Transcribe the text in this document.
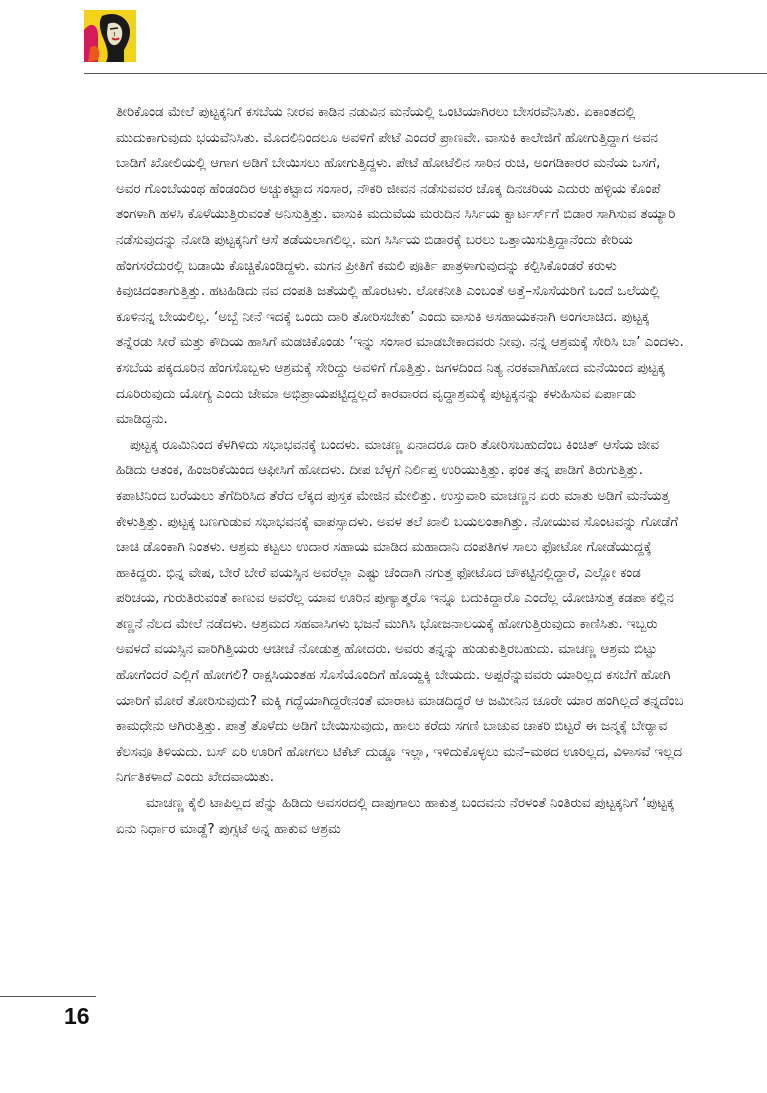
ತೀರಿಕೊಂಡ ಮೇಲೆ ಪುಟ್ಟಕ್ಕನಿಗೆ ಕಸಬೆಯ ನೀರವ ಕಾಡಿನ ನಡುವಿನ ಮನೆಯಲ್ಲಿ ಒಂಟಿಯಾಗಿರಲು ಬೇಸರವೆನಿಸಿತು. ಏಕಾಂತದಲ್ಲಿ ಮುದುಕಾಗುವುದು ಭಯವೆನಿಸಿತು. ಮೊದಲಿನಿಂದಲೂ ಅವಳಿಗೆ ಪೇಟೆ ಎಂದರೆ ಪ್ರಾಣವೇ. ವಾಸುಕಿ ಕಾಲೇಜಿಗೆ ಹೋಗುತ್ತಿದ್ದಾಗ ಅವನ ಬಾಡಿಗೆ ಖೋಲಿಯಲ್ಲಿ ಆಗಾಗ ಅಡಿಗೆ ಬೇಯಿಸಲು ಹೋಗುತ್ತಿದ್ದಳು. ಪೇಟೆ ಹೋಟೆಲಿನ ಸಾರಿನ ರುಚಿ, ಅಂಗಡಿಕಾರರ ಮನೆಯ ಒಸಗೆ, ಅವರ ಗೊಂಬೆಯಂಥ ಹೆಂಡಂದಿರ ಅಚ್ಚುಕಟ್ಟಾದ ಸಂಸಾರ, ನೌಕರಿ ಜೀವನ ನಡೆಸುವವರ ಚೊಕ್ಕ ದಿನಚರಿಯ ಎದುರು ಹಳ್ಳಿಯ ಕೊಂಪೆ ತಂಗಳಾಗಿ ಹಳಸಿ ಕೊಳೆಯುತ್ತಿರುವಂತೆ ಅನಿಸುತ್ತಿತ್ತು. ವಾಸುಕಿ ಮದುವೆಯ ಮರುದಿನ ಸಿರ್ಸಿಯ ಕ್ವಾರ್ಟರ್ಸ್‌ಗೆ ಬಿಡಾರ ಸಾಗಿಸುವ ತಯ್ಯಾರಿ ನಡೆಸುವುದನ್ನು ನೋಡಿ ಪುಟ್ಟಕ್ಕನಿಗೆ ಆಸೆ ತಡೆಯಲಾಗಲಿಲ್ಲ. ಮಗ ಸಿರ್ಸಿಯ ಬಿಡಾರಕ್ಕೆ ಬರಲು ಒತ್ತಾಯಿಸುತ್ತಿದ್ದಾನೆಂದು ಕೇರಿಯ ಹೆಂಗಸರೆದುರಲ್ಲಿ ಬಡಾಯಿ ಕೊಚ್ಚಿಕೊಂಡಿದ್ದಳು. ಮಗನ ಪ್ರೀತಿಗೆ ಕಮಲಿ ಪೂರ್ತಿ ಪಾತ್ರಳಾಗುವುದನ್ನು ಕಲ್ಪಿಸಿಕೊಂಡರೆ ಕರುಳು ಕಿವುಚಿದಂತಾಗುತ್ತಿತ್ತು. ಹಟಹಿಡಿದು ನವ ದಂಪತಿ ಜತೆಯಲ್ಲಿ ಹೊರಟಳು. ಲೋಕನೀತಿ ಎಂಬಂತೆ ಅತ್ತೆ–ಸೊಸೆಯರಿಗೆ ಒಂದೆ ಒಲೆಯಲ್ಲಿ ಕೂಳಿನನ್ನ ಬೇಯಲಿಲ್ಲ. ‘ಅಬ್ಬೆ ನೀನೆ ಇದಕ್ಕೆ ಒಂದು ದಾರಿ ತೋರಿಸಬೇಕು’ ಎಂದು ವಾಸುಕಿ ಅಸಹಾಯಕನಾಗಿ ಅಂಗಲಾಚಿದ. ಪುಟ್ಟಕ್ಕ ತನ್ನೆರಡು ಸೀರೆ ಮತ್ತು ಕೌದಿಯ ಹಾಸಿಗೆ ಮಡಚಿಕೊಂಡು ‘ಇನ್ನು ಸಂಸಾರ ಮಾಡಬೇಕಾದವರು ನೀವು. ನನ್ನ ಆಶ್ರಮಕ್ಕೆ ಸೇರಿಸಿ ಬಾ’ ಎಂದಳು. ಕಸಬೆಯ ಪಕ್ಕದೂರಿನ ಹೆಂಗಸೊಬ್ಬಳು ಆಶ್ರಮಕ್ಕೆ ಸೇರಿದ್ದು ಅವಳಿಗೆ ಗೊತ್ತಿತ್ತು. ಜಗಳದಿಂದ ನಿತ್ಯ ನರಕವಾಗಿಹೋದ ಮನೆಯಿಂದ ಪುಟ್ಟಕ್ಕ ದೂರಿರುವುದು ಯೋಗ್ಯ ಎಂದು ಜೇಮಾ ಅಭಿಪ್ರಾಯಪಟ್ಟಿದ್ದಲ್ಲದೆ ಕಾರವಾರದ ವೃದ್ಧಾಶ್ರಮಕ್ಕೆ ಪುಟ್ಟಕ್ಕನನ್ನು ಕಳುಹಿಸುವ ಏರ್ಪಾಡು ಮಾಡಿದ್ದನು.

ಪುಟ್ಟಕ್ಕ ರೂಮಿನಿಂದ ಕೆಳಗಿಳಿದು ಸಭಾಭವನಕ್ಕೆ ಬಂದಳು. ಮಾಚಣ್ಣ ಏನಾದರೂ ದಾರಿ ತೋರಿಸಬಹುದೆಂಬ ಕಿಂಚಿತ್ ಆಸೆಯ ಜೀವ ಹಿಡಿದು ಆತಂಕ, ಹಿಂಜರಿಕೆಯಿಂದ ಆಫೀಸಿಗೆ ಹೋದಳು. ದೀಪ ಬೆಳ್ಳಗೆ ನಿರ್ಲಿಪ್ತ ಉರಿಯುತ್ತಿತ್ತು. ಫಂಕ ತನ್ನ ಪಾಡಿಗೆ ತಿರುಗುತ್ತಿತ್ತು. ಕಪಾಟಿನಿಂದ ಬರೆಯಲು ತೆಗೆದಿರಿಸಿದ ತೆರೆದ ಲೆಕ್ಕದ ಪುಸ್ತಕ ಮೇಜಿನ ಮೇಲಿತ್ತು. ಉಸ್ತುವಾರಿ ಮಾಚಣ್ಣನ ಏರು ಮಾತು ಅಡಿಗೆ ಮನೆಯತ್ತ ಕೇಳುತ್ತಿತ್ತು. ಪುಟ್ಟಕ್ಕ ಬಣಗುಡುವ ಸಭಾಭವನಕ್ಕೆ ವಾಪಸ್ಸಾದಳು. ಅವಳ ತಲೆ ಖಾಲಿ ಬಯಲಂತಾಗಿತ್ತು. ನೋಯುವ ಸೊಂಟವನ್ನು ಗೋಡೆಗೆ ಚಾಚಿ ಡೊಂಕಾಗಿ ನಿಂತಳು. ಆಶ್ರಮ ಕಟ್ಟಲು ಉದಾರ ಸಹಾಯ ಮಾಡಿದ ಮಹಾದಾನಿ ದಂಪತಿಗಳ ಸಾಲು ಫೋಟೋ ಗೋಡೆಯುದ್ದಕ್ಕೆ ಹಾಕಿದ್ದರು. ಭಿನ್ನ ವೇಷ, ಬೇರೆ ಬೇರೆ ವಯಸ್ಸಿನ ಅವರೆಲ್ಲಾ ಎಷ್ಟು ಚೆಂದಾಗಿ ನಗುತ್ತ ಫೋಟೊದ ಚೌಕಟ್ಟಿನಲ್ಲಿದ್ದಾರೆ, ಎಲ್ಲೋ ಕಂಡ ಪರಿಚಯ, ಗುರುತಿರುವಂತೆ ಕಾಣುವ ಅವರೆಲ್ಲ ಯಾವ ಊರಿನ ಪುಣ್ಯಾತ್ಮರೊ ಇನ್ನೂ ಬದುಕಿದ್ದಾರೊ ಎಂದೆಲ್ಲ ಯೋಚಿಸುತ್ತ ಕಡಪಾ ಕಲ್ಲಿನ ತಣ್ಣನೆ ನೆಲದ ಮೇಲೆ ನಡೆದಳು. ಆಶ್ರಮದ ಸಹವಾಸಿಗಳು ಭಜನೆ ಮುಗಿಸಿ ಭೋಜನಾಲಯಕ್ಕೆ ಹೋಗುತ್ತಿರುವುದು ಕಾಣಿಸಿತು. ಇಬ್ಬರು ಅವಳದೆ ವಯಸ್ಸಿನ ವಾರಿಗಿತ್ತಿಯರು ಆಚೀಚೆ ನೋಡುತ್ತ ಹೋದರು. ಅವರು ತನ್ನನ್ನು ಹುಡುಕುತ್ತಿರಬಹುದು. ಮಾಚಣ್ಣ ಆಶ್ರಮ ಬಿಟ್ಟು ಹೋಗೆಂದರೆ ಎಲ್ಲಿಗೆ ಹೋಗಲಿ? ರಾಕ್ಷಸಿಯಂತಹ ಸೊಸೆಯೊಂದಿಗೆ ಹೊಯ್ದಕ್ಕಿ ಬೇಯದು. ಅಪ್ಪರೆನ್ನುವವರು ಯಾರಿಲ್ಲದ ಕಸಬೆಗೆ ಹೋಗಿ ಯಾರಿಗೆ ಮೋರೆ ತೋರಿಸುವುದು? ಮಕ್ಕಿ ಗದ್ದೆಯಾಗಿದ್ದರೇನಂತೆ ಮಾರಾಟ ಮಾಡದಿದ್ದರೆ ಆ ಜಮೀನಿನ ಚೂರೇ ಯಾರ ಹಂಗಿಲ್ಲದೆ ತನ್ನದೆಂಬ ಕಾಮಧೇನು ಆಗಿರುತ್ತಿತ್ತು. ಪಾತ್ರೆ ತೊಳೆದು ಅಡಿಗೆ ಬೇಯಿಸುವುದು, ಹಾಲು ಕರೆದು ಸಗಣಿ ಬಾಚುವ ಚಾಕರಿ ಬಿಟ್ಟರೆ ಈ ಜನ್ಮಕ್ಕೆ ಬೇರ್‍ಯಾವ ಕೆಲಸವೂ ತಿಳಿಯದು. ಬಸ್ ಏರಿ ಊರಿಗೆ ಹೋಗಲು ಟಿಕೆಟ್ ದುಡ್ಡೂ ಇಲ್ಲಾ, ಇಳಿದುಕೊಳ್ಳಲು ಮನೆ–ಮಠದ ಊರಿಲ್ಲದ, ವಿಳಾಸವೆ ಇಲ್ಲದ ನಿರ್ಗತಿಕಳಾದೆ ಎಂದು ಖೇದವಾಯಿತು.

ಮಾಚಣ್ಣ ಕೈಲಿ ಟಾಪಿಲ್ಲದ ಪೆನ್ನು ಹಿಡಿದು ಅವಸರದಲ್ಲಿ ದಾಪುಗಾಲು ಹಾಕುತ್ತ ಬಂದವನು ನೆರಳಂತೆ ನಿಂತಿರುವ ಪುಟ್ಟಕ್ಕನಿಗೆ ‘ಪುಟ್ಟಕ್ಕ ಏನು ನಿರ್ಧಾರ ಮಾಡ್ದೆ? ಪುಗ್ಸಟೆ ಅನ್ನ ಹಾಕುವ ಆಶ್ರಮ

16
